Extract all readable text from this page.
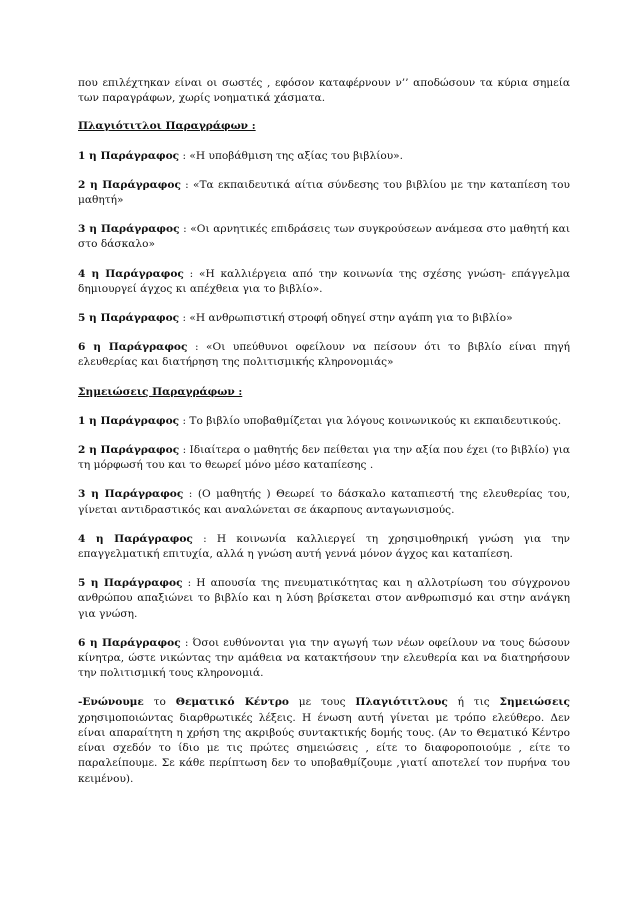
που επιλέχτηκαν είναι οι σωστές , εφόσον καταφέρνουν ν’’ αποδώσουν τα κύρια σημεία των παραγράφων, χωρίς νοηματικά χάσματα.

Πλαγιότιτλοι Παραγράφων :

1 η Παράγραφος : «Η υποβάθμιση της αξίας του βιβλίου».

2 η Παράγραφος : «Τα εκπαιδευτικά αίτια σύνδεσης του βιβλίου με την καταπίεση του μαθητή»

3 η Παράγραφος : «Οι αρνητικές επιδράσεις των συγκρούσεων ανάμεσα στο μαθητή και στο δάσκαλο»

4 η Παράγραφος : «Η καλλιέργεια από την κοινωνία της σχέσης γνώση- επάγγελμα δημιουργεί άγχος κι απέχθεια για το βιβλίο».

5 η Παράγραφος : «Η ανθρωπιστική στροφή οδηγεί στην αγάπη για το βιβλίο»

6 η Παράγραφος : «Οι υπεύθυνοι οφείλουν να πείσουν ότι το βιβλίο είναι πηγή ελευθερίας και διατήρηση της πολιτισμικής κληρονομιάς»

Σημειώσεις Παραγράφων :

1 η Παράγραφος : Το βιβλίο υποβαθμίζεται για λόγους κοινωνικούς κι εκπαιδευτικούς.

2 η Παράγραφος : Ιδιαίτερα ο μαθητής δεν πείθεται για την αξία που έχει (το βιβλίο) για τη μόρφωσή του και το θεωρεί μόνο μέσο καταπίεσης .

3 η Παράγραφος : (Ο μαθητής ) Θεωρεί το δάσκαλο καταπιεστή της ελευθερίας του, γίνεται αντιδραστικός και αναλώνεται σε άκαρπους ανταγωνισμούς.

4 η Παράγραφος : Η κοινωνία καλλιεργεί τη χρησιμοθηρική γνώση για την επαγγελματική επιτυχία, αλλά η γνώση αυτή γεννά μόνον άγχος και καταπίεση.

5 η Παράγραφος : Η απουσία της πνευματικότητας και η αλλοτρίωση του σύγχρονου ανθρώπου απαξιώνει το βιβλίο και η λύση βρίσκεται στον ανθρωπισμό και στην ανάγκη για γνώση.

6 η Παράγραφος : Όσοι ευθύνονται για την αγωγή των νέων οφείλουν να τους δώσουν κίνητρα, ώστε νικώντας την αμάθεια να κατακτήσουν την ελευθερία και να διατηρήσουν την πολιτισμική τους κληρονομιά.

-Ενώνουμε το Θεματικό Κέντρο με τους Πλαγιότιτλους ή τις Σημειώσεις χρησιμοποιώντας διαρθρωτικές λέξεις. Η ένωση αυτή γίνεται με τρόπο ελεύθερο. Δεν είναι απαραίτητη η χρήση της ακριβούς συντακτικής δομής τους. (Αν το Θεματικό Κέντρο είναι σχεδόν το ίδιο με τις πρώτες σημειώσεις , είτε το διαφοροποιούμε , είτε το παραλείπουμε. Σε κάθε περίπτωση δεν το υποβαθμίζουμε ,γιατί αποτελεί τον πυρήνα του κειμένου).
